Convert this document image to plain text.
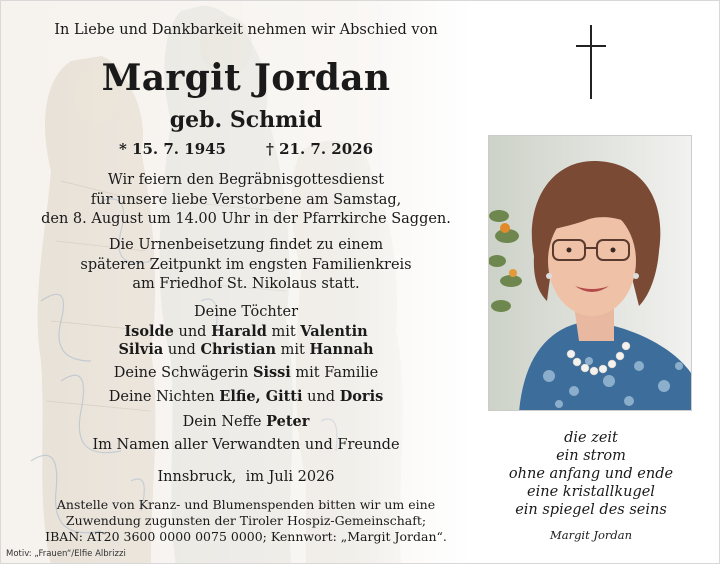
In Liebe und Dankbarkeit nehmen wir Abschied von
Margit Jordan
geb. Schmid
* 15. 7. 1945	† 21. 7. 2026
Wir feiern den Begräbnisgottesdienst
für unsere liebe Verstorbene am Samstag,
den 8. August um 14.00 Uhr in der Pfarrkirche Saggen.
Die Urnenbeisetzung findet zu einem
späteren Zeitpunkt im engsten Familienkreis
am Friedhof St. Nikolaus statt.
Deine Töchter
Isolde und Harald mit Valentin
Silvia und Christian mit Hannah
Deine Schwägerin Sissi mit Familie
Deine Nichten Elfie, Gitti und Doris
Dein Neffe Peter
Im Namen aller Verwandten und Freunde
Innsbruck,  im Juli 2026
Anstelle von Kranz- und Blumenspenden bitten wir um eine
Zuwendung zugunsten der Tiroler Hospiz-Gemeinschaft;
IBAN: AT20 3600 0000 0075 0000; Kennwort: „Margit Jordan“.
Motiv: „Frauen“/Elfie Albrizzi
die zeit
ein strom
ohne anfang und ende
eine kristallkugel
ein spiegel des seins
Margit Jordan
